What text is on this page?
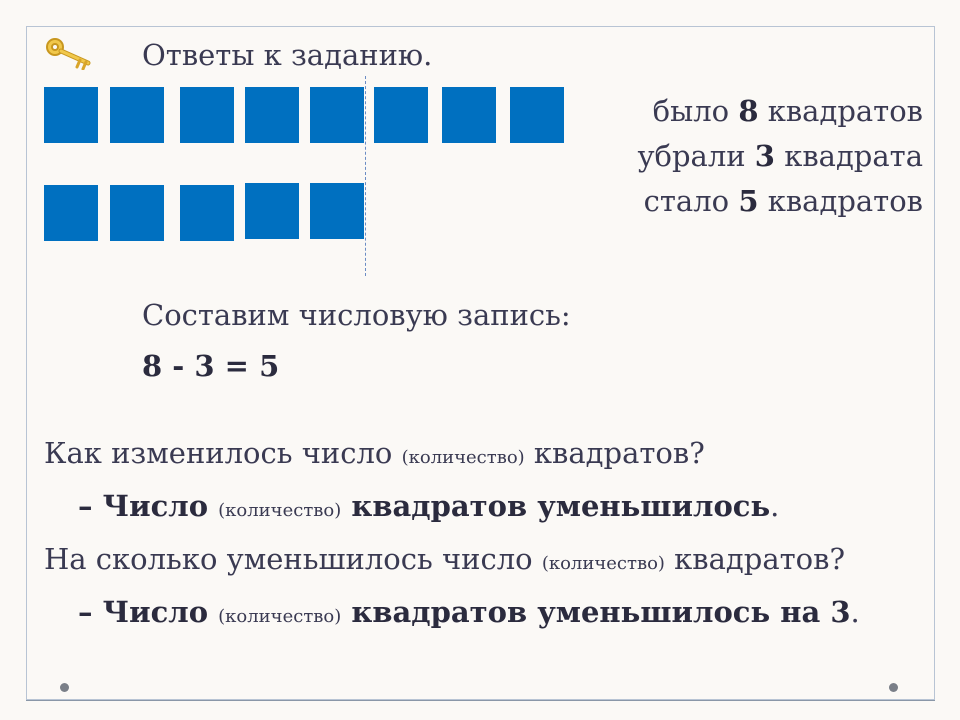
Ответы к заданию.
было 8 квадратов
убрали 3 квадрата
стало 5 квадратов
Составим числовую запись:
8 - 3 = 5
Как изменилось число (количество) квадратов?
– Число (количество) квадратов уменьшилось.
На сколько уменьшилось число (количество) квадратов?
– Число (количество) квадратов уменьшилось на 3.
